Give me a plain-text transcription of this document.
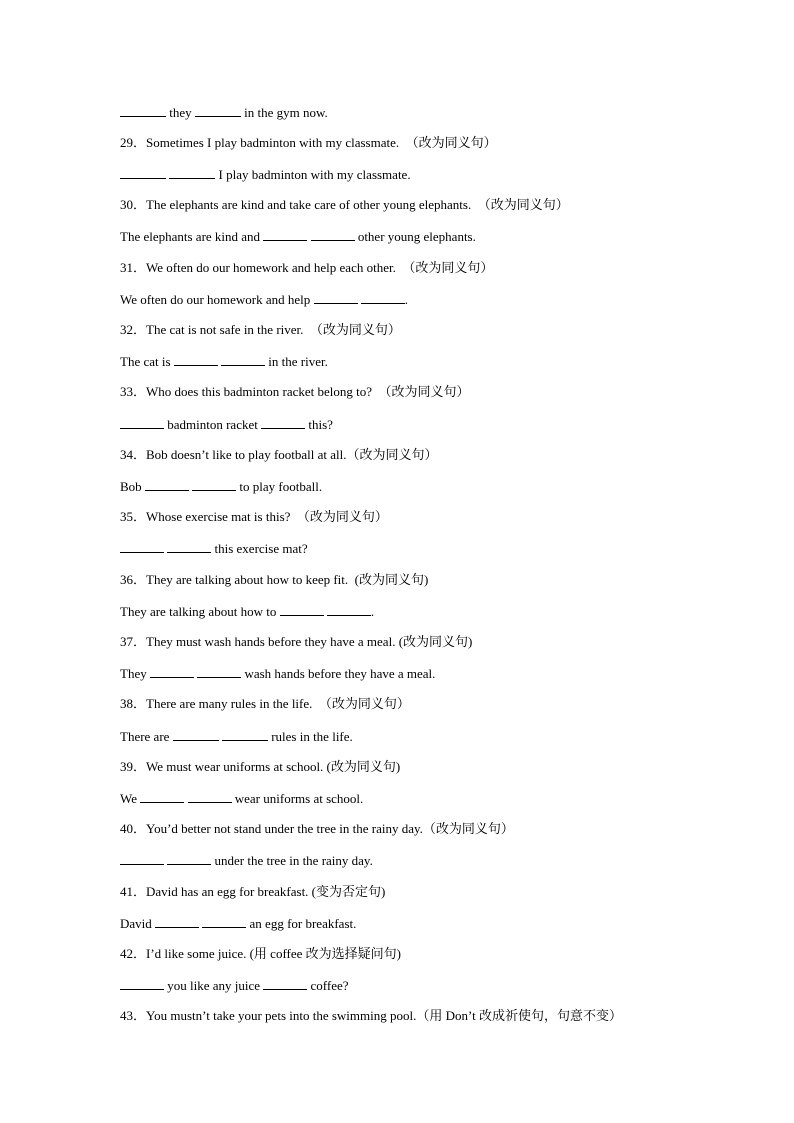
they	in the gym now.
29．Sometimes I play badminton with my classmate.  （改为同义句）
I play badminton with my classmate.
30．The elephants are kind and take care of other young elephants.  （改为同义句）
The elephants are kind and	other young elephants.
31．We often do our homework and help each other.  （改为同义句）
We often do our homework and help	.
32．The cat is not safe in the river.  （改为同义句）
The cat is	in the river.
33．Who does this badminton racket belong to?  （改为同义句）
badminton racket	this?
34．Bob doesn’t like to play football at all.（改为同义句）
Bob	to play football.
35．Whose exercise mat is this?  （改为同义句）
this exercise mat?
36．They are talking about how to keep fit.  (改为同义句)
They are talking about how to	.
37．They must wash hands before they have a meal. (改为同义句)
They	wash hands before they have a meal.
38．There are many rules in the life.  （改为同义句）
There are	rules in the life.
39．We must wear uniforms at school. (改为同义句)
We	wear uniforms at school.
40．You’d better not stand under the tree in the rainy day.（改为同义句）
under the tree in the rainy day.
41．David has an egg for breakfast. (变为否定句)
David	an egg for breakfast.
42．I’d like some juice. (用 coffee 改为选择疑问句)
you like any juice	coffee?
43．You mustn’t take your pets into the swimming pool.（用 Don’t 改成祈使句，句意不变）
